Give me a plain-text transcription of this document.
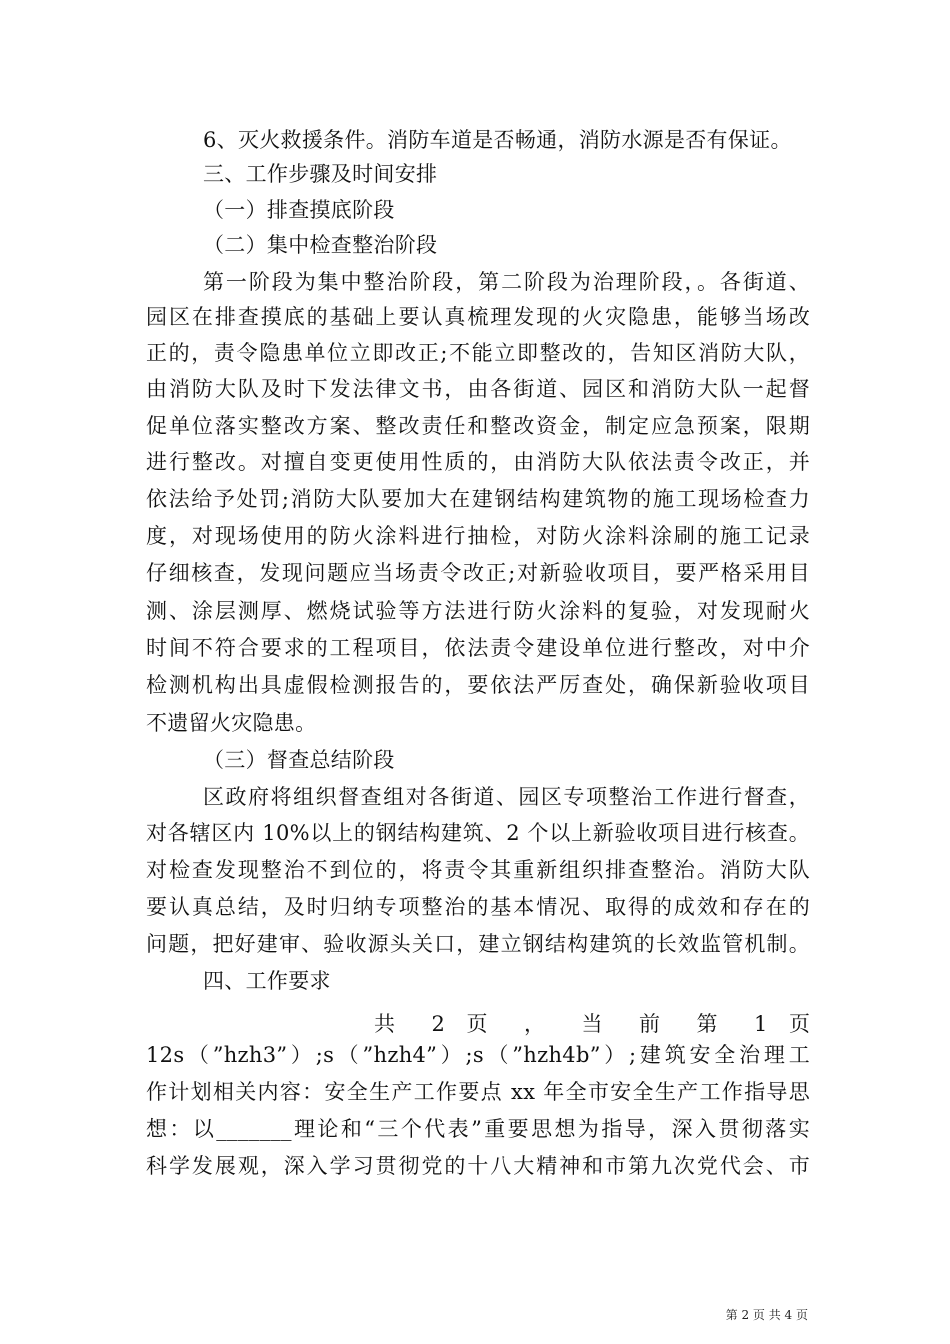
6、灭火救援条件。消防车道是否畅通，消防水源是否有保证。
三、工作步骤及时间安排
（一）排查摸底阶段
（二）集中检查整治阶段
第一阶段为集中整治阶段，第二阶段为治理阶段，。各街道、
园区在排查摸底的基础上要认真梳理发现的火灾隐患，能够当场改
正的，责令隐患单位立即改正;不能立即整改的，告知区消防大队，
由消防大队及时下发法律文书，由各街道、园区和消防大队一起督
促单位落实整改方案、整改责任和整改资金，制定应急预案，限期
进行整改。对擅自变更使用性质的，由消防大队依法责令改正，并
依法给予处罚;消防大队要加大在建钢结构建筑物的施工现场检查力
度，对现场使用的防火涂料进行抽检，对防火涂料涂刷的施工记录
仔细核查，发现问题应当场责令改正;对新验收项目，要严格采用目
测、涂层测厚、燃烧试验等方法进行防火涂料的复验，对发现耐火
时间不符合要求的工程项目，依法责令建设单位进行整改，对中介
检测机构出具虚假检测报告的，要依法严厉查处，确保新验收项目
不遗留火灾隐患。
（三）督查总结阶段
区政府将组织督查组对各街道、园区专项整治工作进行督查，
对各辖区内 10%以上的钢结构建筑、2 个以上新验收项目进行核查。
对检查发现整治不到位的，将责令其重新组织排查整治。消防大队
要认真总结，及时归纳专项整治的基本情况、取得的成效和存在的
问题，把好建审、验收源头关口，建立钢结构建筑的长效监管机制。
四、工作要求
共 2 页 ， 当 前 第 1 页
12s（”hzh3”）;s（”hzh4”）;s（”hzh4b”）;建筑安全治理工
作计划相关内容：安全生产工作要点 xx 年全市安全生产工作指导思
想：以_______理论和“三个代表”重要思想为指导，深入贯彻落实
科学发展观，深入学习贯彻党的十八大精神和市第九次党代会、市
第 2 页 共 4 页
